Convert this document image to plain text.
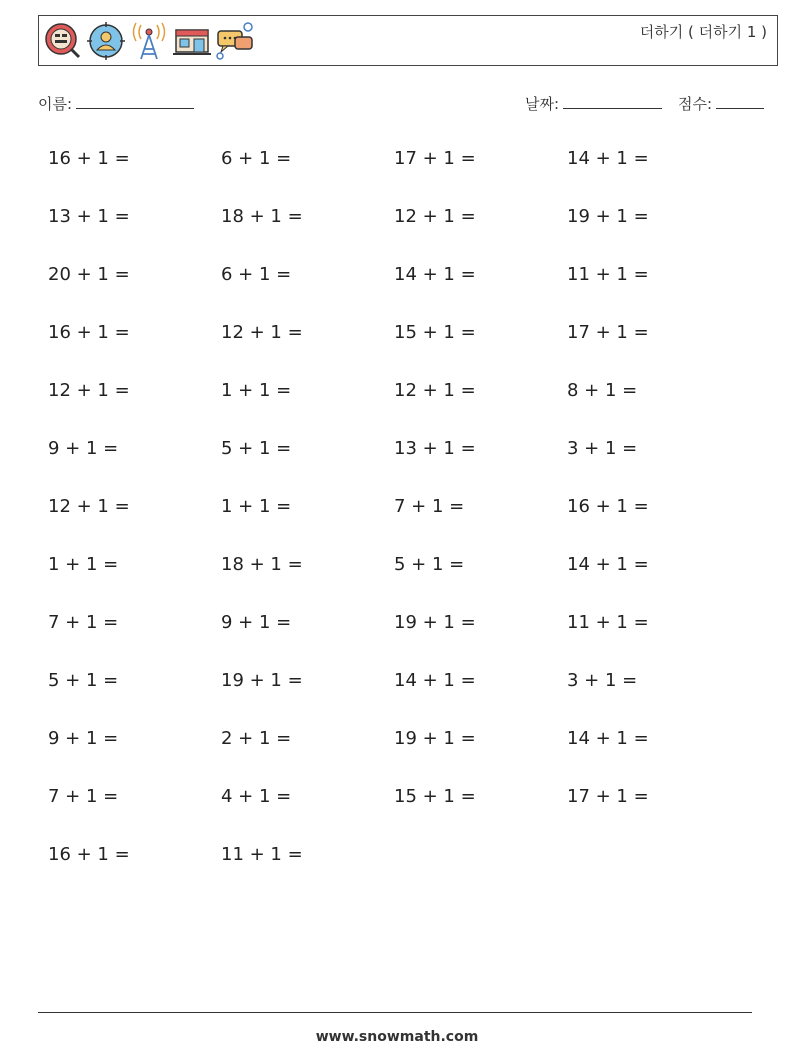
더하기 ( 더하기 1 )
이름:	날짜:	점수:
16 + 1 =	6 + 1 =	17 + 1 =	14 + 1 =
13 + 1 =	18 + 1 =	12 + 1 =	19 + 1 =
20 + 1 =	6 + 1 =	14 + 1 =	11 + 1 =
16 + 1 =	12 + 1 =	15 + 1 =	17 + 1 =
12 + 1 =	1 + 1 =	12 + 1 =	8 + 1 =
9 + 1 =	5 + 1 =	13 + 1 =	3 + 1 =
12 + 1 =	1 + 1 =	7 + 1 =	16 + 1 =
1 + 1 =	18 + 1 =	5 + 1 =	14 + 1 =
7 + 1 =	9 + 1 =	19 + 1 =	11 + 1 =
5 + 1 =	19 + 1 =	14 + 1 =	3 + 1 =
9 + 1 =	2 + 1 =	19 + 1 =	14 + 1 =
7 + 1 =	4 + 1 =	15 + 1 =	17 + 1 =
16 + 1 =	11 + 1 =
www.snowmath.com
